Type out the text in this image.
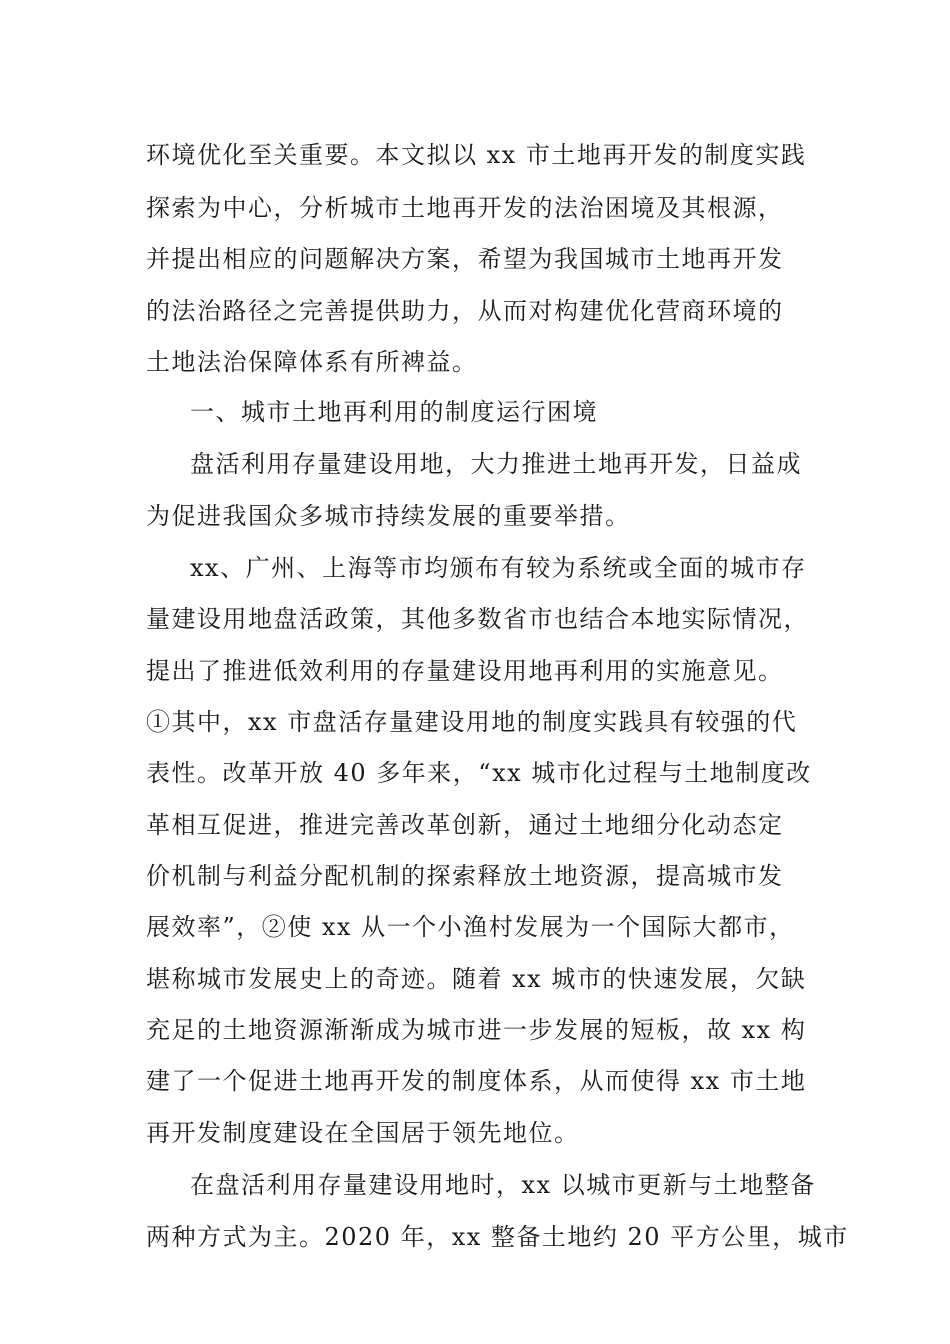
环境优化至关重要。本文拟以 xx 市土地再开发的制度实践
探索为中心，分析城市土地再开发的法治困境及其根源，
并提出相应的问题解决方案，希望为我国城市土地再开发
的法治路径之完善提供助力，从而对构建优化营商环境的
土地法治保障体系有所裨益。
一、城市土地再利用的制度运行困境
盘活利用存量建设用地，大力推进土地再开发，日益成
为促进我国众多城市持续发展的重要举措。
xx、广州、上海等市均颁布有较为系统或全面的城市存
量建设用地盘活政策，其他多数省市也结合本地实际情况，
提出了推进低效利用的存量建设用地再利用的实施意见。
①其中，xx 市盘活存量建设用地的制度实践具有较强的代
表性。改革开放 40 多年来，“xx 城市化过程与土地制度改
革相互促进，推进完善改革创新，通过土地细分化动态定
价机制与利益分配机制的探索释放土地资源，提高城市发
展效率”，②使 xx 从一个小渔村发展为一个国际大都市，
堪称城市发展史上的奇迹。随着 xx 城市的快速发展，欠缺
充足的土地资源渐渐成为城市进一步发展的短板，故 xx 构
建了一个促进土地再开发的制度体系，从而使得 xx 市土地
再开发制度建设在全国居于领先地位。
在盘活利用存量建设用地时，xx 以城市更新与土地整备
两种方式为主。2020 年，xx 整备土地约 20 平方公里，城市
